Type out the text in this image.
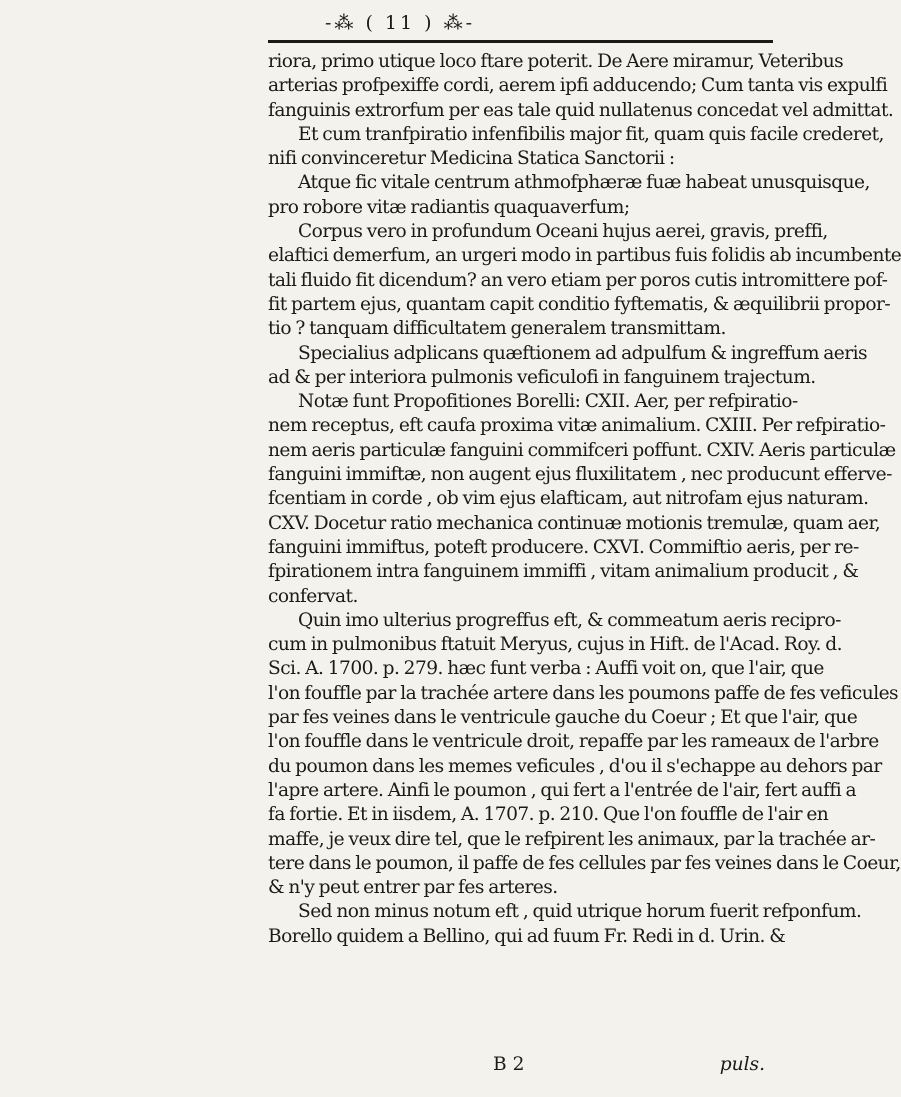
-⁂ ( 11 ) ⁂-
riora, primo utique loco ftare poterit. De Aere miramur, Veteribus
arterias profpexiffe cordi, aerem ipfi adducendo; Cum tanta vis expulfi
fanguinis extrorfum per eas tale quid nullatenus concedat vel admittat.
Et cum tranfpiratio infenfibilis major fit, quam quis facile crederet,
nifi convinceretur Medicina Statica Sanctorii :
Atque fic vitale centrum athmofphæræ fuæ habeat unusquisque,
pro robore vitæ radiantis quaquaverfum;
Corpus vero in profundum Oceani hujus aerei, gravis, preffi,
elaftici demerfum, an urgeri modo in partibus fuis folidis ab incumbente
tali fluido fit dicendum? an vero etiam per poros cutis intromittere pof-
fit partem ejus, quantam capit conditio fyftematis, & æquilibrii propor-
tio ? tanquam difficultatem generalem transmittam.
Specialius adplicans quæftionem ad adpulfum & ingreffum aeris
ad & per interiora pulmonis veficulofi in fanguinem trajectum.
Notæ funt Propofitiones Borelli: CXII. Aer, per refpiratio-
nem receptus, eft caufa proxima vitæ animalium. CXIII. Per refpiratio-
nem aeris particulæ fanguini commifceri poffunt. CXIV. Aeris particulæ
fanguini immiftæ, non augent ejus fluxilitatem , nec producunt efferve-
fcentiam in corde , ob vim ejus elafticam, aut nitrofam ejus naturam.
CXV. Docetur ratio mechanica continuæ motionis tremulæ, quam aer,
fanguini immiftus, poteft producere. CXVI. Commiftio aeris, per re-
fpirationem intra fanguinem immiffi , vitam animalium producit , &
confervat.
Quin imo ulterius progreffus eft, & commeatum aeris recipro-
cum in pulmonibus ftatuit Meryus, cujus in Hift. de l'Acad. Roy. d.
Sci. A. 1700. p. 279. hæc funt verba : Auffi voit on, que l'air, que
l'on fouffle par la trachée artere dans les poumons paffe de fes veficules
par fes veines dans le ventricule gauche du Coeur ; Et que l'air, que
l'on fouffle dans le ventricule droit, repaffe par les rameaux de l'arbre
du poumon dans les memes veficules , d'ou il s'echappe au dehors par
l'apre artere. Ainfi le poumon , qui fert a l'entrée de l'air, fert auffi a
fa fortie. Et in iisdem, A. 1707. p. 210. Que l'on fouffle de l'air en
maffe, je veux dire tel, que le refpirent les animaux, par la trachée ar-
tere dans le poumon, il paffe de fes cellules par fes veines dans le Coeur,
& n'y peut entrer par fes arteres.
Sed non minus notum eft , quid utrique horum fuerit refponfum.
Borello quidem a Bellino, qui ad fuum Fr. Redi in d. Urin. &
B 2	puls.
